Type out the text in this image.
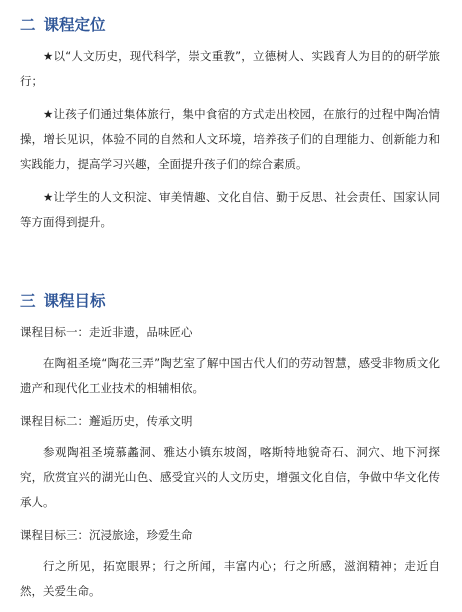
二 课程定位

★以“人文历史，现代科学，崇文重教”，立德树人、实践育人为目的的研学旅行；

★让孩子们通过集体旅行，集中食宿的方式走出校园，在旅行的过程中陶冶情操，增长见识，体验不同的自然和人文环境，培养孩子们的自理能力、创新能力和实践能力，提高学习兴趣，全面提升孩子们的综合素质。

★让学生的人文积淀、审美情趣、文化自信、勤于反思、社会责任、国家认同等方面得到提升。

三 课程目标

课程目标一：走近非遗，品味匠心

在陶祖圣境“陶花三弄”陶艺室了解中国古代人们的劳动智慧，感受非物质文化遗产和现代化工业技术的相辅相依。

课程目标二：邂逅历史，传承文明

参观陶祖圣境慕蠡洞、雅达小镇东坡阁，喀斯特地貌奇石、洞穴、地下河探究，欣赏宜兴的湖光山色、感受宜兴的人文历史，增强文化自信，争做中华文化传承人。

课程目标三：沉浸旅途，珍爱生命

行之所见，拓宽眼界；行之所闻，丰富内心；行之所感，滋润精神；走近自然，关爱生命。
